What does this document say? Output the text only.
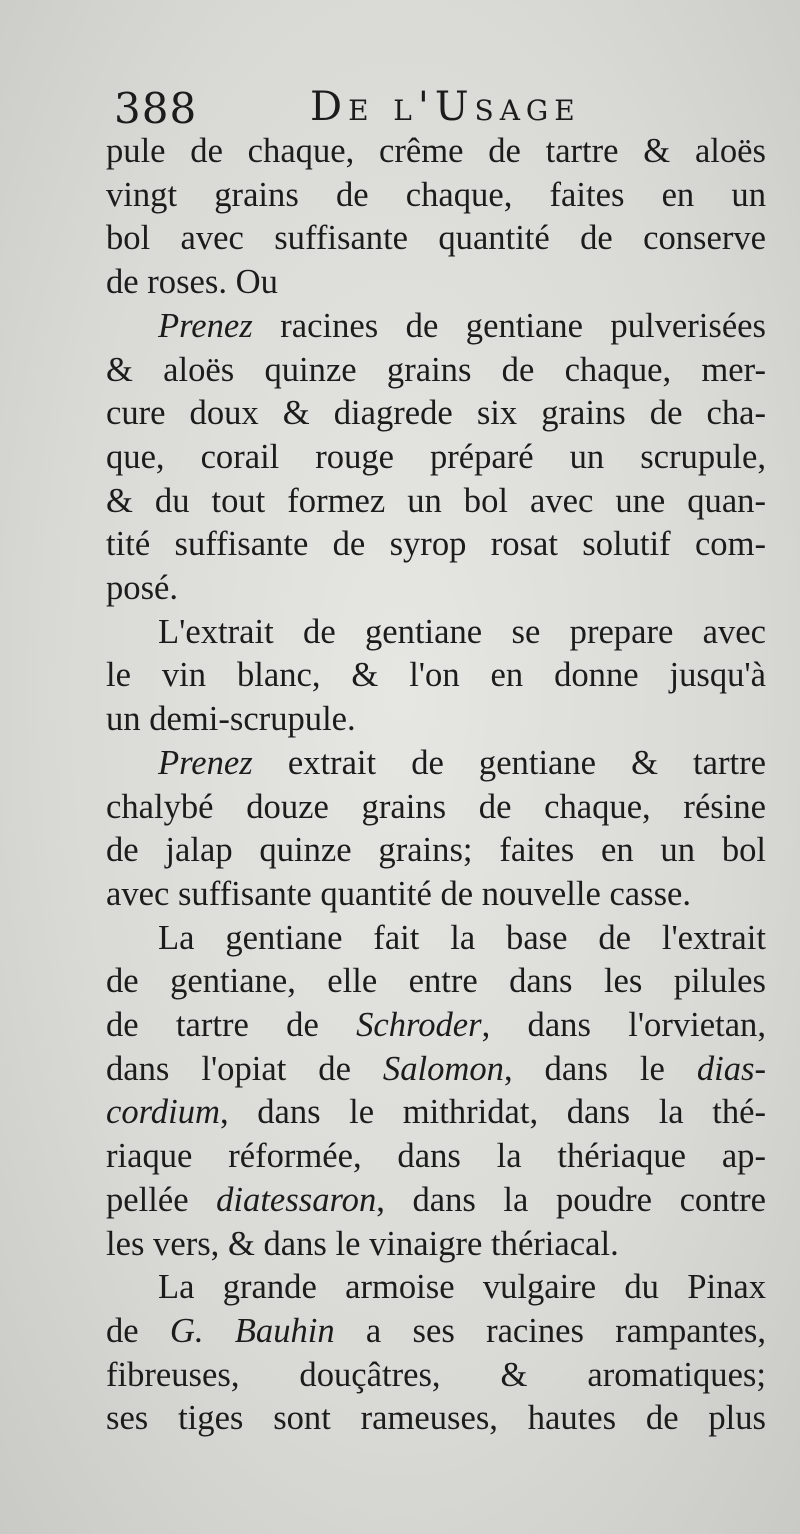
388	De l'Usage
pule de chaque, crême de tartre & aloës
vingt grains de chaque, faites en un
bol avec suffisante quantité de conserve
de roses. Ou
Prenez racines de gentiane pulverisées
& aloës quinze grains de chaque, mer-
cure doux & diagrede six grains de cha-
que, corail rouge préparé un scrupule,
& du tout formez un bol avec une quan-
tité suffisante de syrop rosat solutif com-
posé.
L'extrait de gentiane se prepare avec
le vin blanc, & l'on en donne jusqu'à
un demi-scrupule.
Prenez extrait de gentiane & tartre
chalybé douze grains de chaque, résine
de jalap quinze grains; faites en un bol
avec suffisante quantité de nouvelle casse.
La gentiane fait la base de l'extrait
de gentiane, elle entre dans les pilules
de tartre de Schroder, dans l'orvietan,
dans l'opiat de Salomon, dans le dias-
cordium, dans le mithridat, dans la thé-
riaque réformée, dans la thériaque ap-
pellée diatessaron, dans la poudre contre
les vers, & dans le vinaigre thériacal.
La grande armoise vulgaire du Pinax
de G. Bauhin a ses racines rampantes,
fibreuses, douçâtres, & aromatiques;
ses tiges sont rameuses, hautes de plus
